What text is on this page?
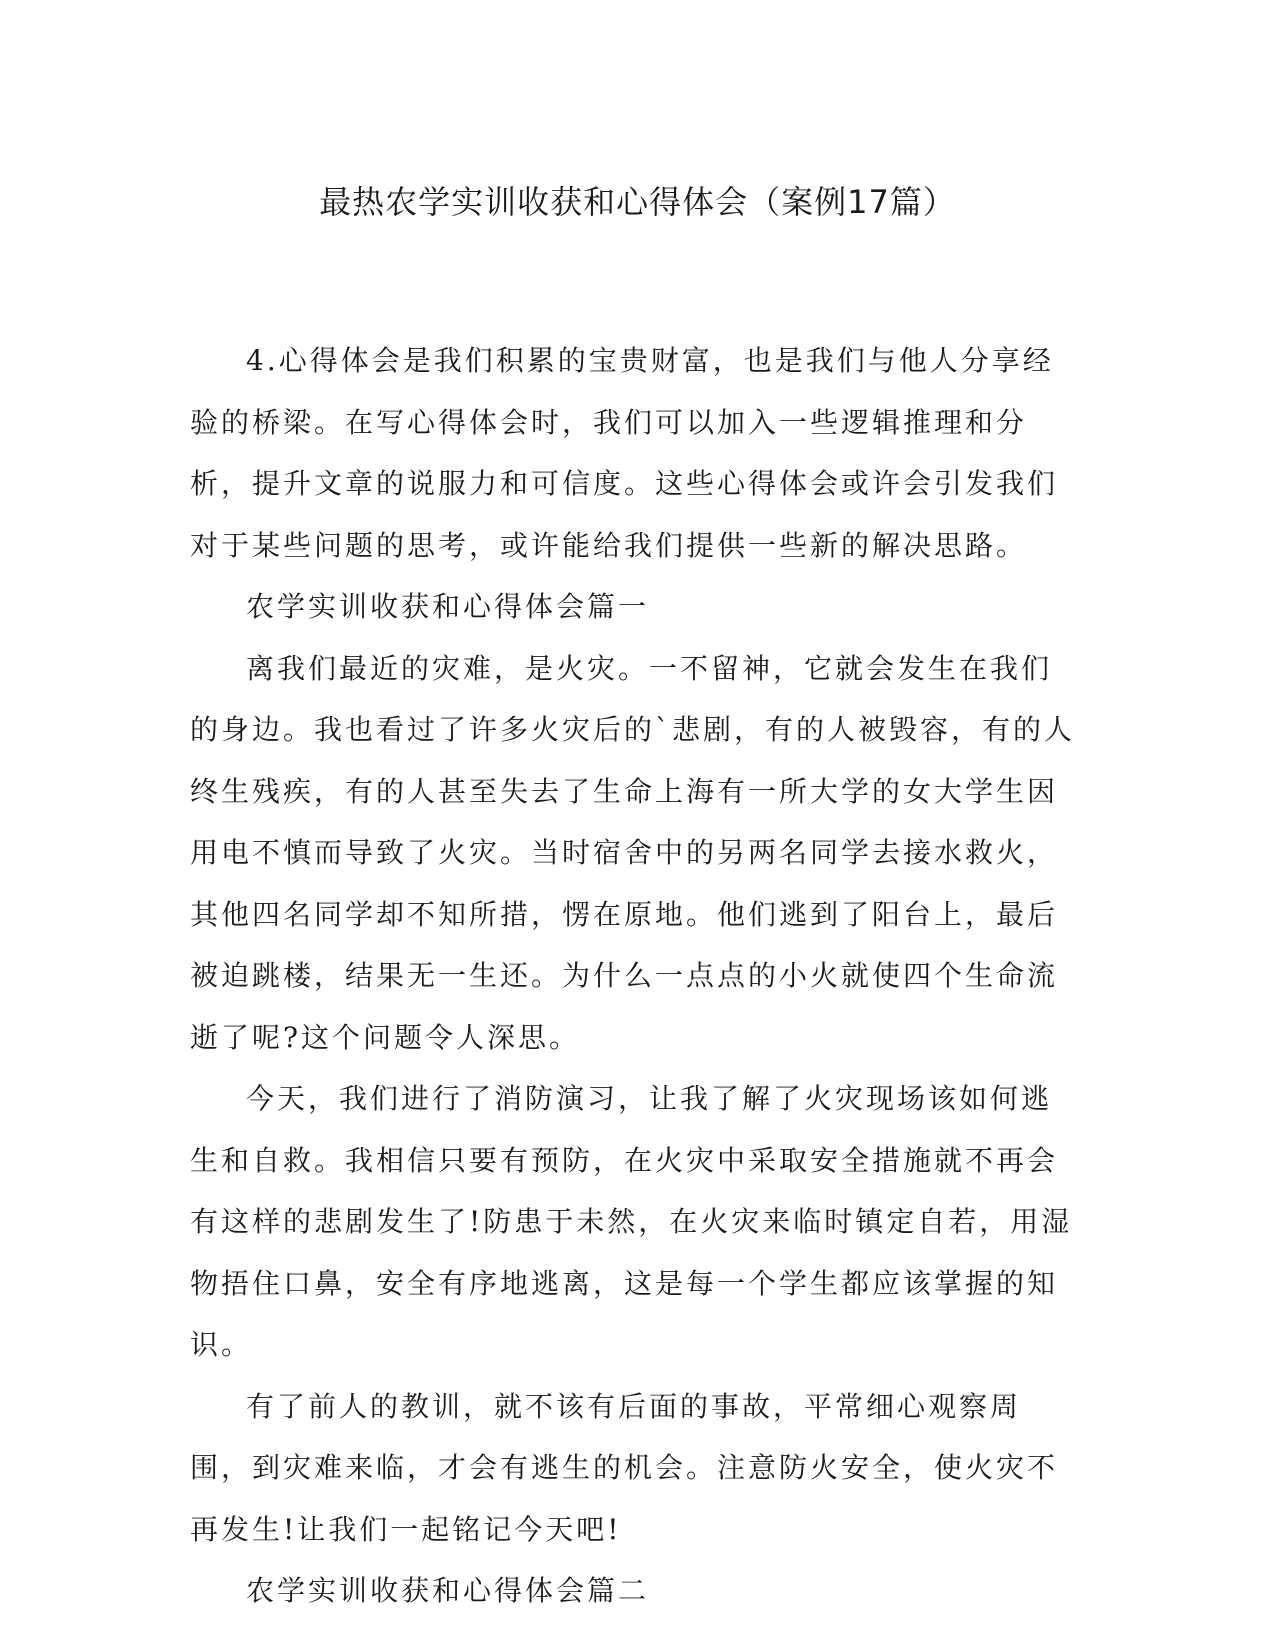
最热农学实训收获和心得体会（案例17篇）

4.心得体会是我们积累的宝贵财富，也是我们与他人分享经验的桥梁。在写心得体会时，我们可以加入一些逻辑推理和分析，提升文章的说服力和可信度。这些心得体会或许会引发我们对于某些问题的思考，或许能给我们提供一些新的解决思路。

农学实训收获和心得体会篇一

离我们最近的灾难，是火灾。一不留神，它就会发生在我们的身边。我也看过了许多火灾后的`悲剧，有的人被毁容，有的人终生残疾，有的人甚至失去了生命上海有一所大学的女大学生因用电不慎而导致了火灾。当时宿舍中的另两名同学去接水救火，其他四名同学却不知所措，愣在原地。他们逃到了阳台上，最后被迫跳楼，结果无一生还。为什么一点点的小火就使四个生命流逝了呢?这个问题令人深思。

今天，我们进行了消防演习，让我了解了火灾现场该如何逃生和自救。我相信只要有预防，在火灾中采取安全措施就不再会有这样的悲剧发生了!防患于未然，在火灾来临时镇定自若，用湿物捂住口鼻，安全有序地逃离，这是每一个学生都应该掌握的知识。

有了前人的教训，就不该有后面的事故，平常细心观察周围，到灾难来临，才会有逃生的机会。注意防火安全，使火灾不再发生!让我们一起铭记今天吧!

农学实训收获和心得体会篇二
